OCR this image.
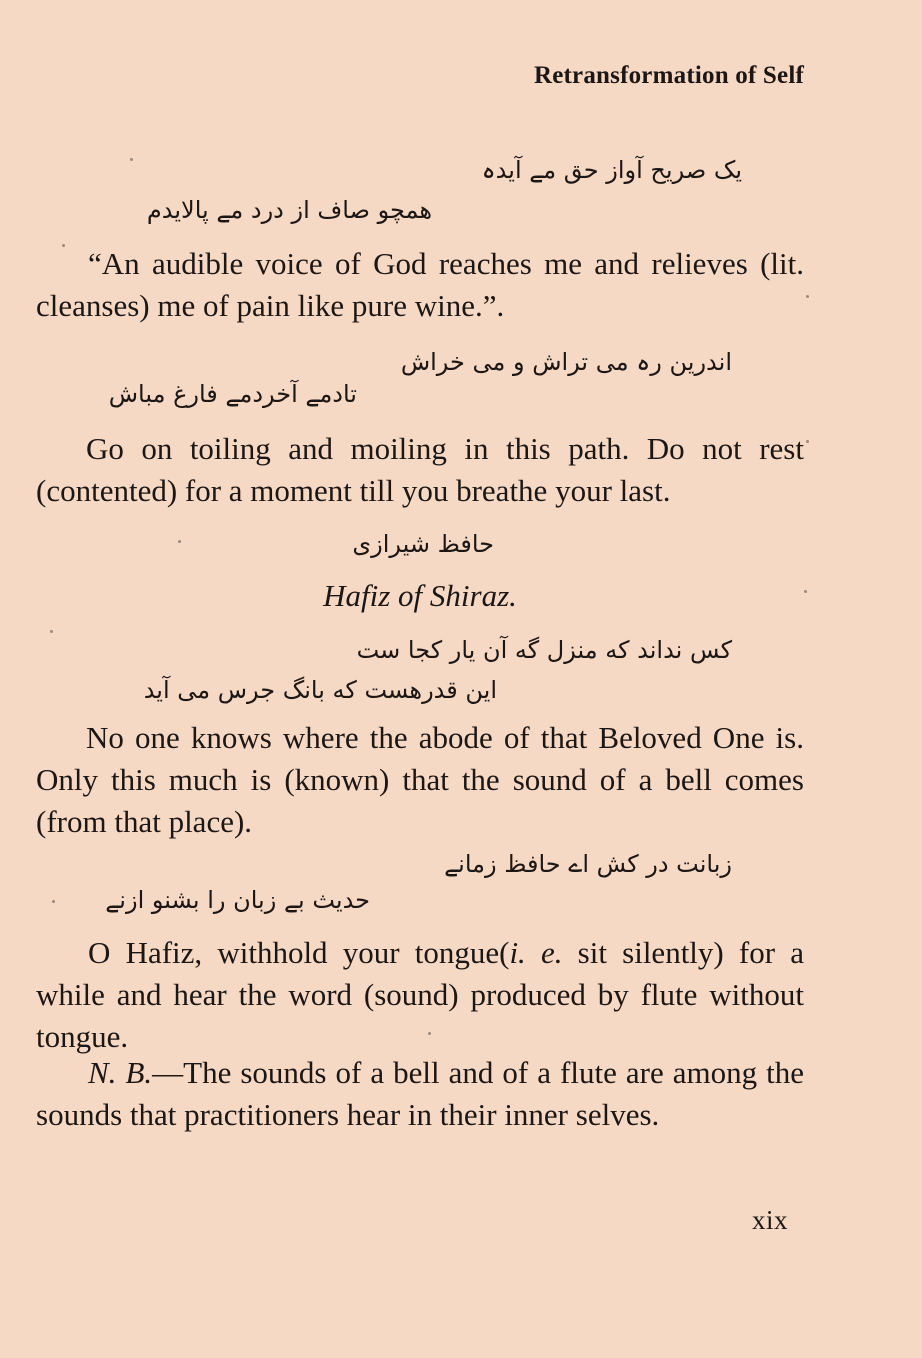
Retransformation of Self
یک صریح آواز حق مے آیدہ
همچو صاف از درد مے پالایدم
“An audible voice of God reaches me and relieves (lit. cleanses) me of pain like pure wine.”.
اندرین رہ می تراش و می خراش
تادمے آخردمے فارغ مباش
Go on toiling and moiling in this path. Do not rest (contented) for a moment till you breathe your last.
حافظ شیرازی
Hafiz of Shiraz.
کس نداند که منزل گه آن یار کجا ست
این قدرهست که بانگ جرس می آید
No one knows where the abode of that Beloved One is. Only this much is (known) that the sound of a bell comes (from that place).
زبانت در کش اے حافظ زمانے
حدیث بے زبان را بشنو ازنے
O Hafiz, withhold your tongue(i. e. sit silently) for a while and hear the word (sound) produced by flute without tongue.
N. B.—The sounds of a bell and of a flute are among the sounds that practitioners hear in their inner selves.
xix
